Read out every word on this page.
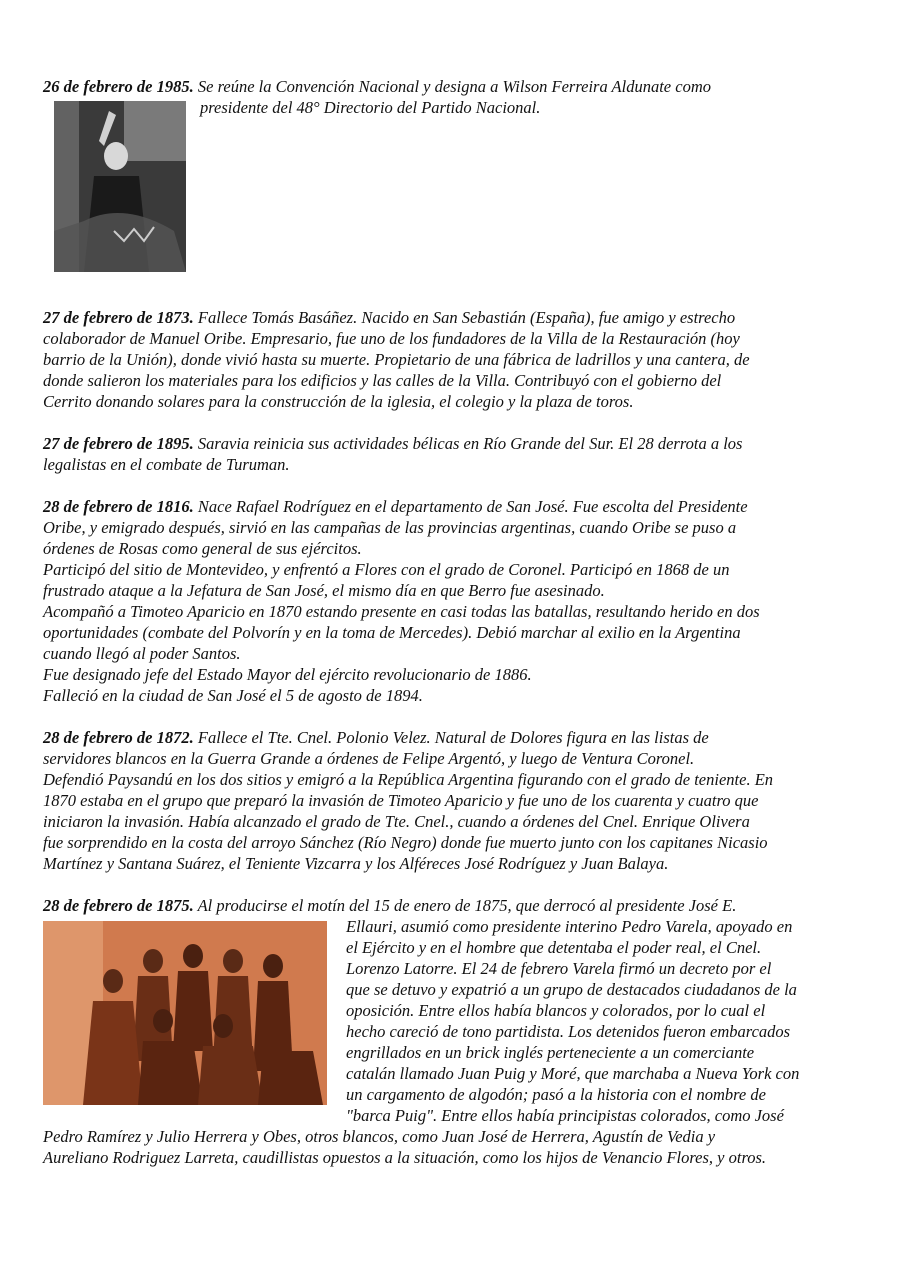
26 de febrero de 1985. Se reúne la Convención Nacional y designa a Wilson Ferreira Aldunate como

presidente del 48° Directorio del Partido Nacional.

27 de febrero de 1873. Fallece Tomás Basáñez. Nacido en San Sebastián (España), fue amigo y estrecho

colaborador de Manuel Oribe. Empresario, fue uno de los fundadores de la Villa de la Restauración (hoy

barrio de la Unión), donde vivió hasta su muerte. Propietario de una fábrica de ladrillos y una cantera, de

donde salieron los materiales para los edificios y las calles de la Villa. Contribuyó con el gobierno del

Cerrito donando solares para la construcción de la iglesia, el colegio y la plaza de toros.

27 de febrero de 1895. Saravia reinicia sus actividades bélicas en Río Grande del Sur. El 28 derrota a los

legalistas en el combate de Turuman.

28 de febrero de 1816. Nace Rafael Rodríguez en el departamento de San José. Fue escolta del Presidente

Oribe, y emigrado después, sirvió en las campañas de las provincias argentinas, cuando Oribe se puso a

órdenes de Rosas como general de sus ejércitos.

Participó del sitio de Montevideo, y enfrentó a Flores con el grado de Coronel. Participó en 1868 de un

frustrado ataque a la Jefatura de San José, el mismo día en que Berro fue asesinado.

Acompañó a Timoteo Aparicio en 1870 estando presente en casi todas las batallas, resultando herido en dos

oportunidades (combate del Polvorín y en la toma de Mercedes). Debió marchar al exilio en la Argentina

cuando llegó al poder Santos.

Fue designado jefe del Estado Mayor del ejército revolucionario de 1886.

Falleció en la ciudad de San José el 5 de agosto de 1894.

28 de febrero de 1872. Fallece el Tte. Cnel. Polonio Velez. Natural de Dolores figura en las listas de

servidores blancos en la Guerra Grande a órdenes de Felipe Argentó, y luego de Ventura Coronel.

Defendió Paysandú en los dos sitios y emigró a la República Argentina figurando con el grado de teniente. En

1870 estaba en el grupo que preparó la invasión de Timoteo Aparicio y fue uno de los cuarenta y cuatro que

iniciaron la invasión. Había alcanzado el grado de Tte. Cnel., cuando a órdenes del Cnel. Enrique Olivera

fue sorprendido en la costa del arroyo Sánchez (Río Negro) donde fue muerto junto con los capitanes Nicasio

Martínez y Santana Suárez, el Teniente Vizcarra y los Alféreces José Rodríguez y Juan Balaya.

28 de febrero de 1875. Al producirse el motín del 15 de enero de 1875, que derrocó al presidente José E.

Ellauri, asumió como presidente interino Pedro Varela, apoyado en

el Ejército y en el hombre que detentaba el poder real, el Cnel.

Lorenzo Latorre. El 24 de febrero Varela firmó un decreto por el

que se detuvo y expatrió a un grupo de destacados ciudadanos de la

oposición. Entre ellos había blancos y colorados, por lo cual el

hecho careció de tono partidista. Los detenidos fueron embarcados

engrillados en un brick inglés perteneciente a un comerciante

catalán llamado Juan Puig y Moré, que marchaba a Nueva York con

un cargamento de algodón; pasó a la historia con el nombre de

"barca Puig". Entre ellos había principistas colorados, como José

Pedro Ramírez y Julio Herrera y Obes, otros blancos, como Juan José de Herrera, Agustín de Vedia y

Aureliano Rodriguez Larreta, caudillistas opuestos a la situación, como los hijos de Venancio Flores, y otros.
